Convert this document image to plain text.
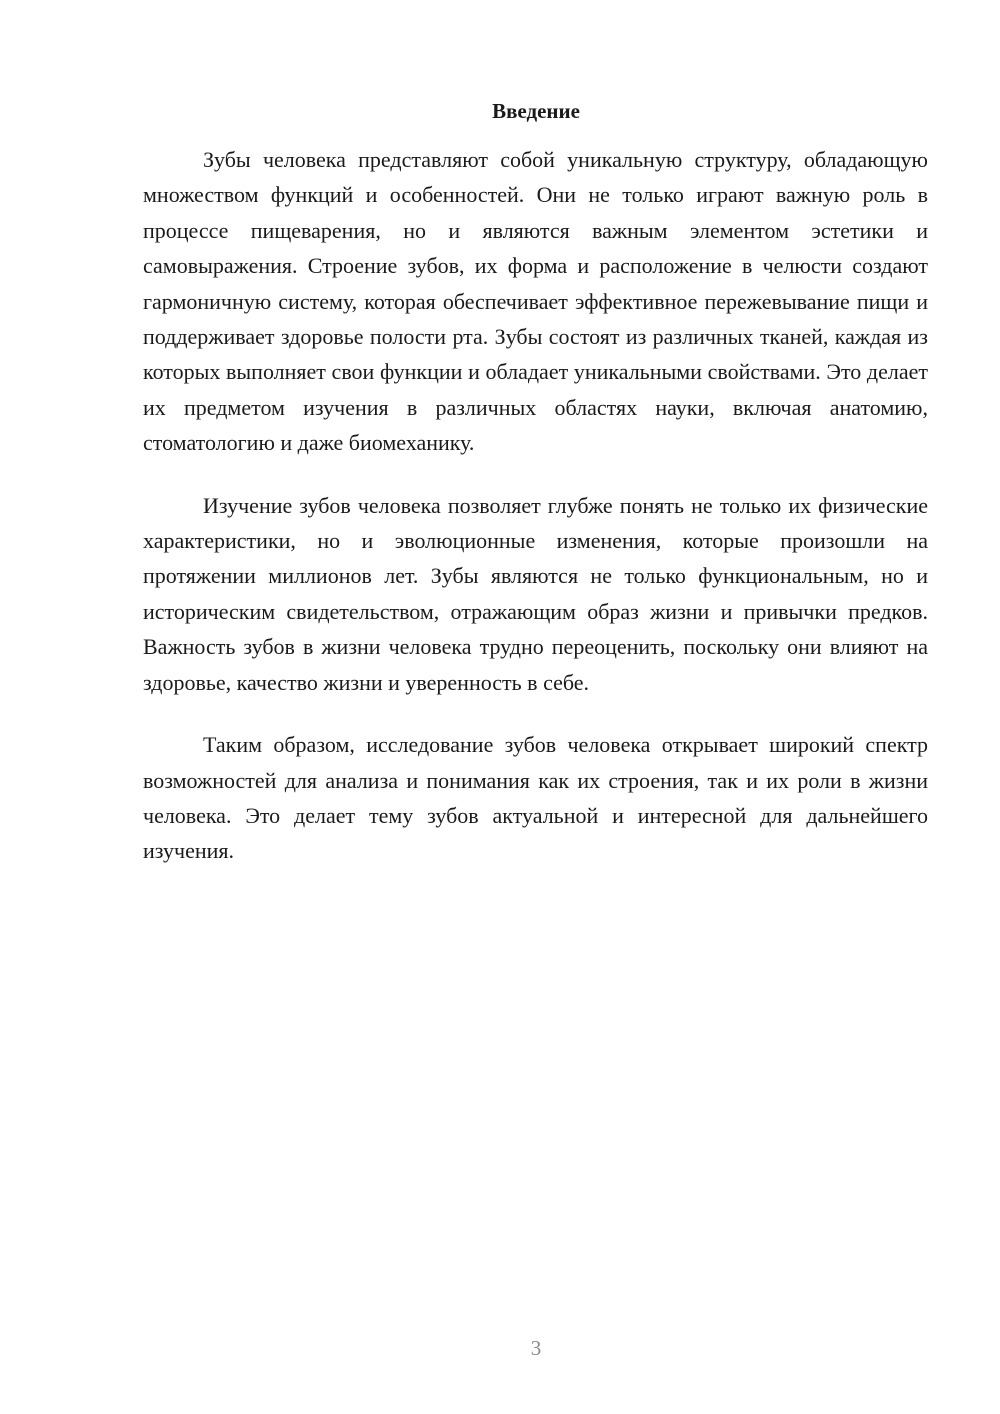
Введение

Зубы человека представляют собой уникальную структуру, обладающую множеством функций и особенностей. Они не только играют важную роль в процессе пищеварения, но и являются важным элементом эстетики и самовыражения. Строение зубов, их форма и расположение в челюсти создают гармоничную систему, которая обеспечивает эффективное пережевывание пищи и поддерживает здоровье полости рта. Зубы состоят из различных тканей, каждая из которых выполняет свои функции и обладает уникальными свойствами. Это делает их предметом изучения в различных областях науки, включая анатомию, стоматологию и даже биомеханику.

Изучение зубов человека позволяет глубже понять не только их физические характеристики, но и эволюционные изменения, которые произошли на протяжении миллионов лет. Зубы являются не только функциональным, но и историческим свидетельством, отражающим образ жизни и привычки предков. Важность зубов в жизни человека трудно переоценить, поскольку они влияют на здоровье, качество жизни и уверенность в себе.

Таким образом, исследование зубов человека открывает широкий спектр возможностей для анализа и понимания как их строения, так и их роли в жизни человека. Это делает тему зубов актуальной и интересной для дальнейшего изучения.

3
